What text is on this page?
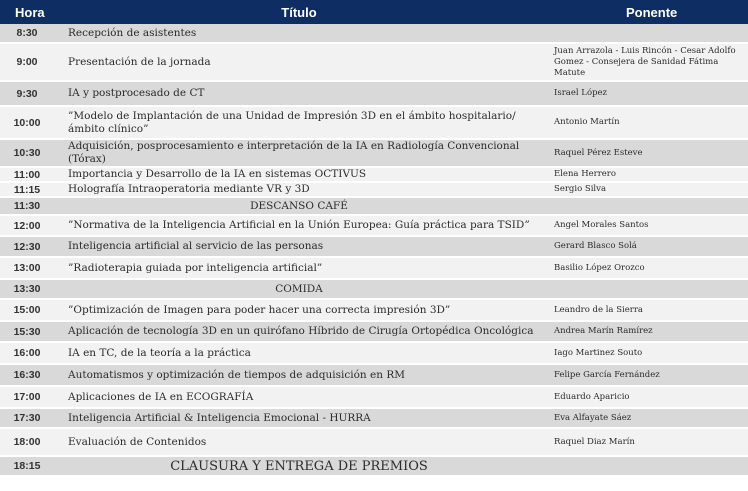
Hora	Título	Ponente
8:30	Recepción de asistentes	
9:00	Presentación de la jornada	Juan Arrazola - Luis Rincón - Cesar Adolfo Gomez - Consejera de Sanidad Fátima Matute
9:30	IA y postprocesado de CT	Israel López
10:00	”Modelo de Implantación de una Unidad de Impresión 3D en el ámbito hospitalario/ámbito clínico”	Antonio Martín
10:30	Adquisición, posprocesamiento e interpretación de la IA en Radiología Convencional (Tórax)	Raquel Pérez Esteve
11:00	Importancia y Desarrollo de la IA en sistemas OCTIVUS	Elena Herrero
11:15	Holografía Intraoperatoria mediante VR y 3D	Sergio Silva
11:30	DESCANSO CAFÉ	
12:00	”Normativa de la Inteligencia Artificial en la Unión Europea: Guía práctica para TSID”	Angel Morales Santos
12:30	Inteligencia artificial al servicio de las personas	Gerard Blasco Solá
13:00	”Radioterapia guiada por inteligencia artificial”	Basilio López Orozco
13:30	COMIDA	
15:00	”Optimización de Imagen para poder hacer una correcta impresión 3D”	Leandro de la Sierra
15:30	Aplicación de tecnología 3D en un quirófano Híbrido de Cirugía Ortopédica Oncológica	Andrea Marín Ramírez
16:00	IA en TC, de la teoría a la práctica	Iago Martinez Souto
16:30	Automatismos y optimización de tiempos de adquisición en RM	Felipe García Fernández
17:00	Aplicaciones de IA en ECOGRAFÍA	Eduardo Aparicio
17:30	Inteligencia Artificial & Inteligencia Emocional - HURRA	Eva Alfayate Sáez
18:00	Evaluación de Contenidos	Raquel Diaz Marín
18:15	CLAUSURA Y ENTREGA DE PREMIOS	
